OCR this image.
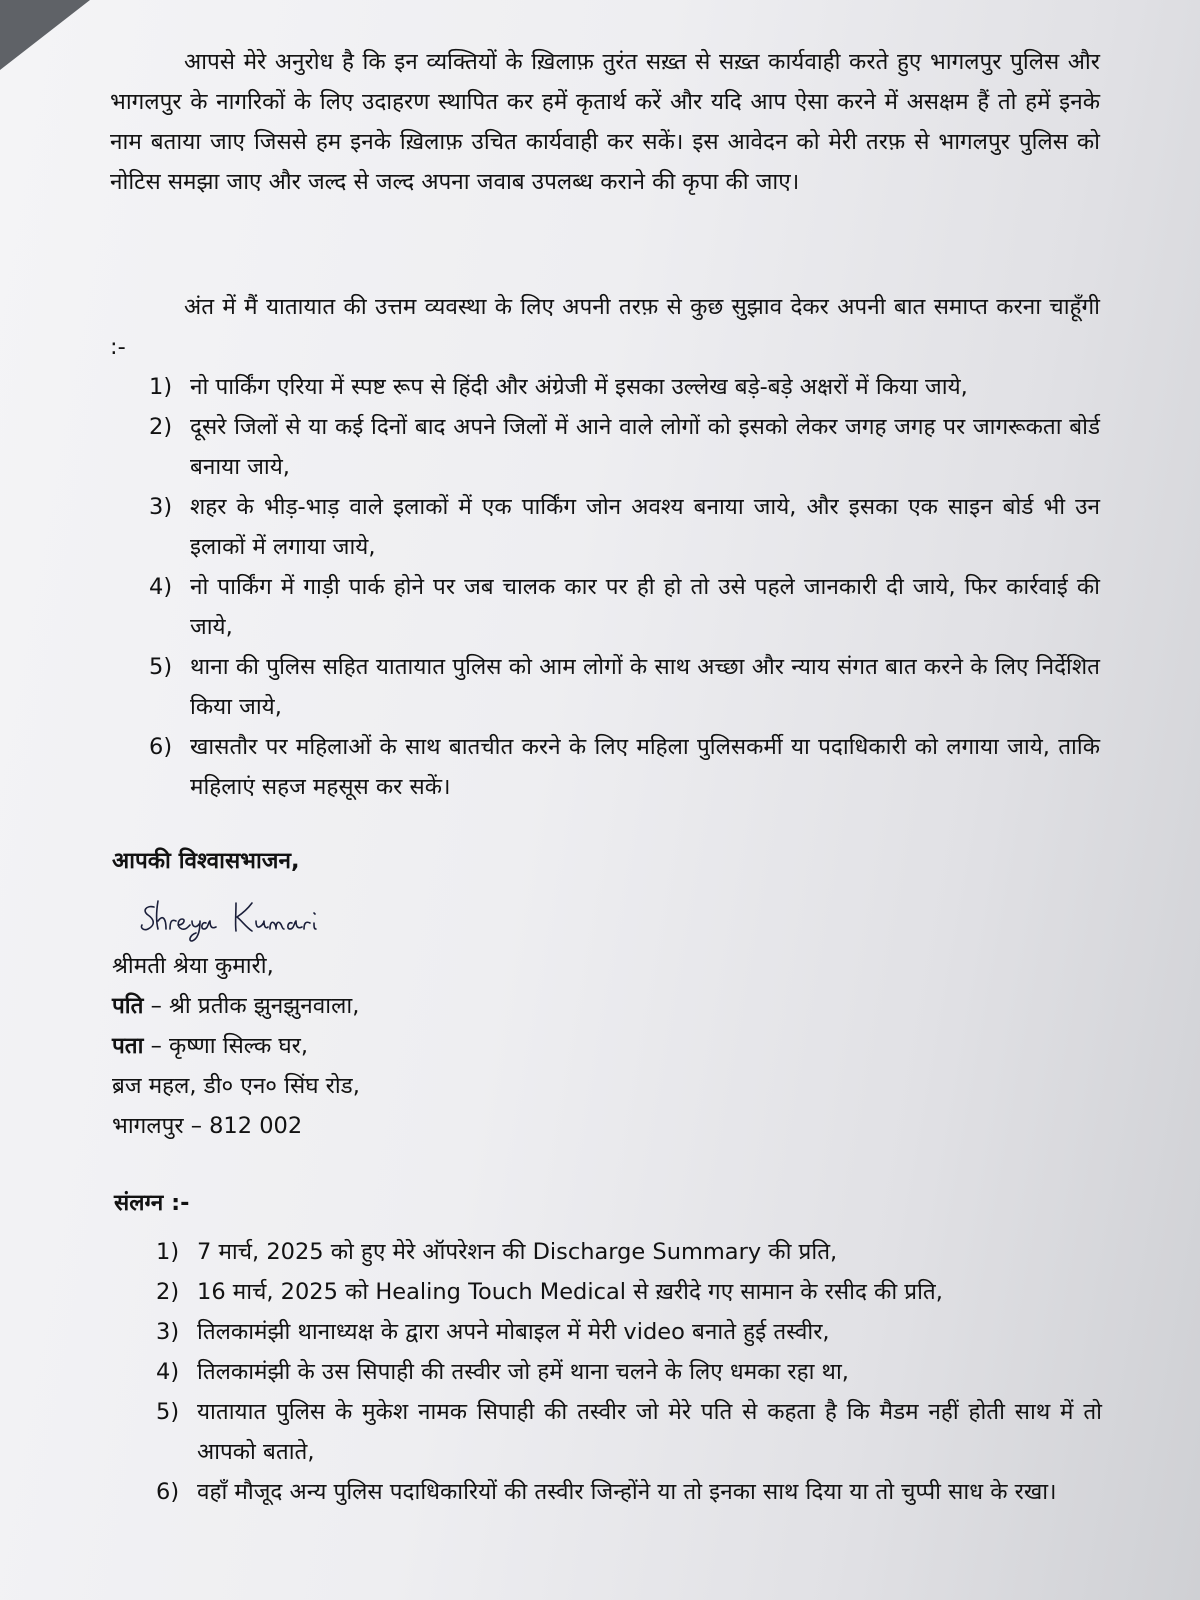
आपसे मेरे अनुरोध है कि इन व्यक्तियों के ख़िलाफ़ तुरंत सख़्त से सख़्त कार्यवाही करते हुए भागलपुर पुलिस और भागलपुर के नागरिकों के लिए उदाहरण स्थापित कर हमें कृतार्थ करें और यदि आप ऐसा करने में असक्षम हैं तो हमें इनके नाम बताया जाए जिससे हम इनके ख़िलाफ़ उचित कार्यवाही कर सकें। इस आवेदन को मेरी तरफ़ से भागलपुर पुलिस को नोटिस समझा जाए और जल्द से जल्द अपना जवाब उपलब्ध कराने की कृपा की जाए।

अंत में मैं यातायात की उत्तम व्यवस्था के लिए अपनी तरफ़ से कुछ सुझाव देकर अपनी बात समाप्त करना चाहूँगी :-

1) नो पार्किंग एरिया में स्पष्ट रूप से हिंदी और अंग्रेजी में इसका उल्लेख बड़े-बड़े अक्षरों में किया जाये,
2) दूसरे जिलों से या कई दिनों बाद अपने जिलों में आने वाले लोगों को इसको लेकर जगह जगह पर जागरूकता बोर्ड बनाया जाये,
3) शहर के भीड़-भाड़ वाले इलाकों में एक पार्किंग जोन अवश्य बनाया जाये, और इसका एक साइन बोर्ड भी उन इलाकों में लगाया जाये,
4) नो पार्किंग में गाड़ी पार्क होने पर जब चालक कार पर ही हो तो उसे पहले जानकारी दी जाये, फिर कार्रवाई की जाये,
5) थाना की पुलिस सहित यातायात पुलिस को आम लोगों के साथ अच्छा और न्याय संगत बात करने के लिए निर्देशित किया जाये,
6) खासतौर पर महिलाओं के साथ बातचीत करने के लिए महिला पुलिसकर्मी या पदाधिकारी को लगाया जाये, ताकि महिलाएं सहज महसूस कर सकें।

आपकी विश्वासभाजन,

श्रीमती श्रेया कुमारी,

पति – श्री प्रतीक झुनझुनवाला,

पता – कृष्णा सिल्क घर,

ब्रज महल, डी० एन० सिंघ रोड,

भागलपुर – 812 002

संलग्न :-

1) 7 मार्च, 2025 को हुए मेरे ऑपरेशन की Discharge Summary की प्रति,
2) 16 मार्च, 2025 को Healing Touch Medical से ख़रीदे गए सामान के रसीद की प्रति,
3) तिलकामंझी थानाध्यक्ष के द्वारा अपने मोबाइल में मेरी video बनाते हुई तस्वीर,
4) तिलकामंझी के उस सिपाही की तस्वीर जो हमें थाना चलने के लिए धमका रहा था,
5) यातायात पुलिस के मुकेश नामक सिपाही की तस्वीर जो मेरे पति से कहता है कि मैडम नहीं होती साथ में तो आपको बताते,
6) वहाँ मौजूद अन्य पुलिस पदाधिकारियों की तस्वीर जिन्होंने या तो इनका साथ दिया या तो चुप्पी साध के रखा।
